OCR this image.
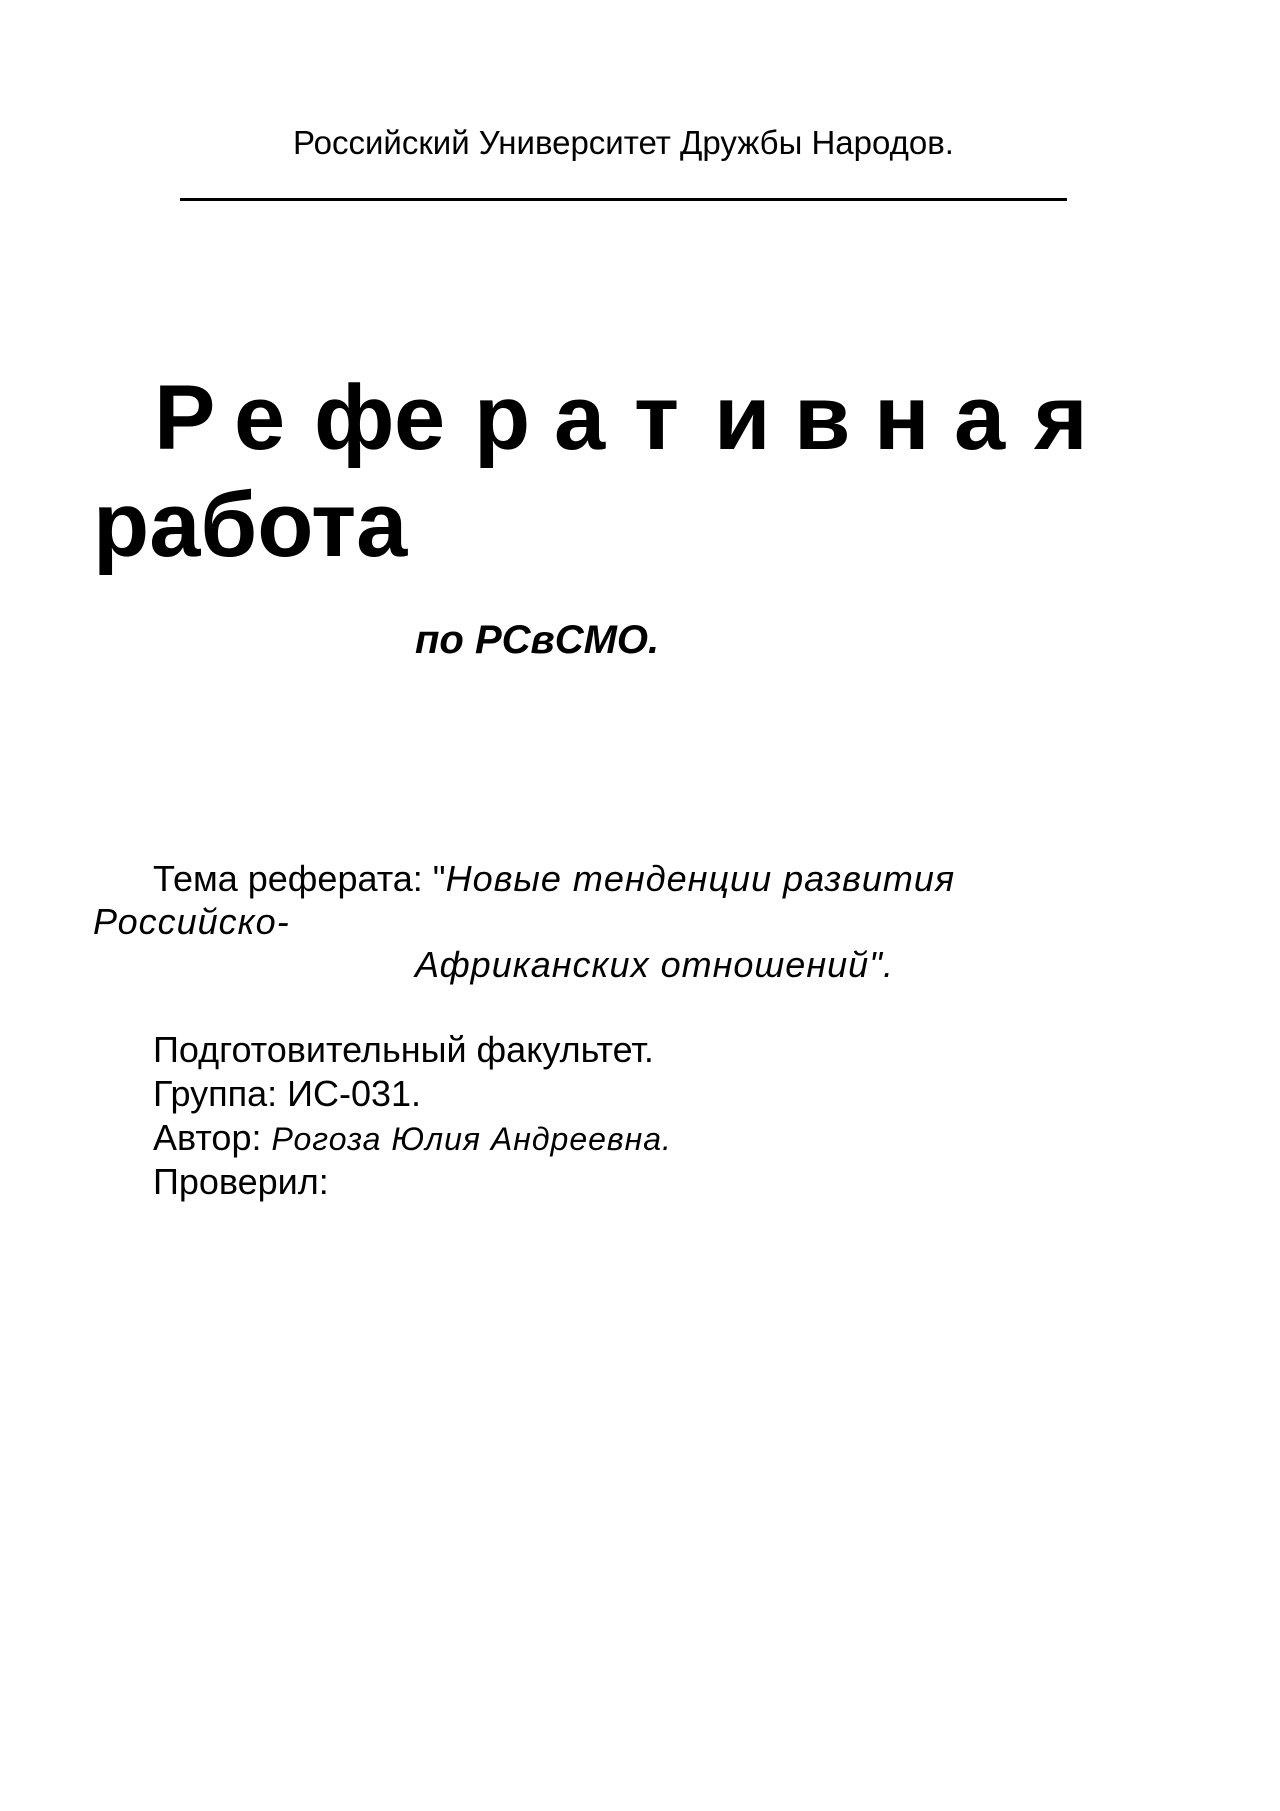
Российский Университет Дружбы Народов.
Р е фе р а т и в н а я
работа
по РСвСМО.
Тема реферата: "Новые тенденции развития
Российско-
Африканских отношений".
Подготовительный факультет.
Группа: ИС-031.
Автор: Рогоза Юлия Андреевна.
Проверил:
